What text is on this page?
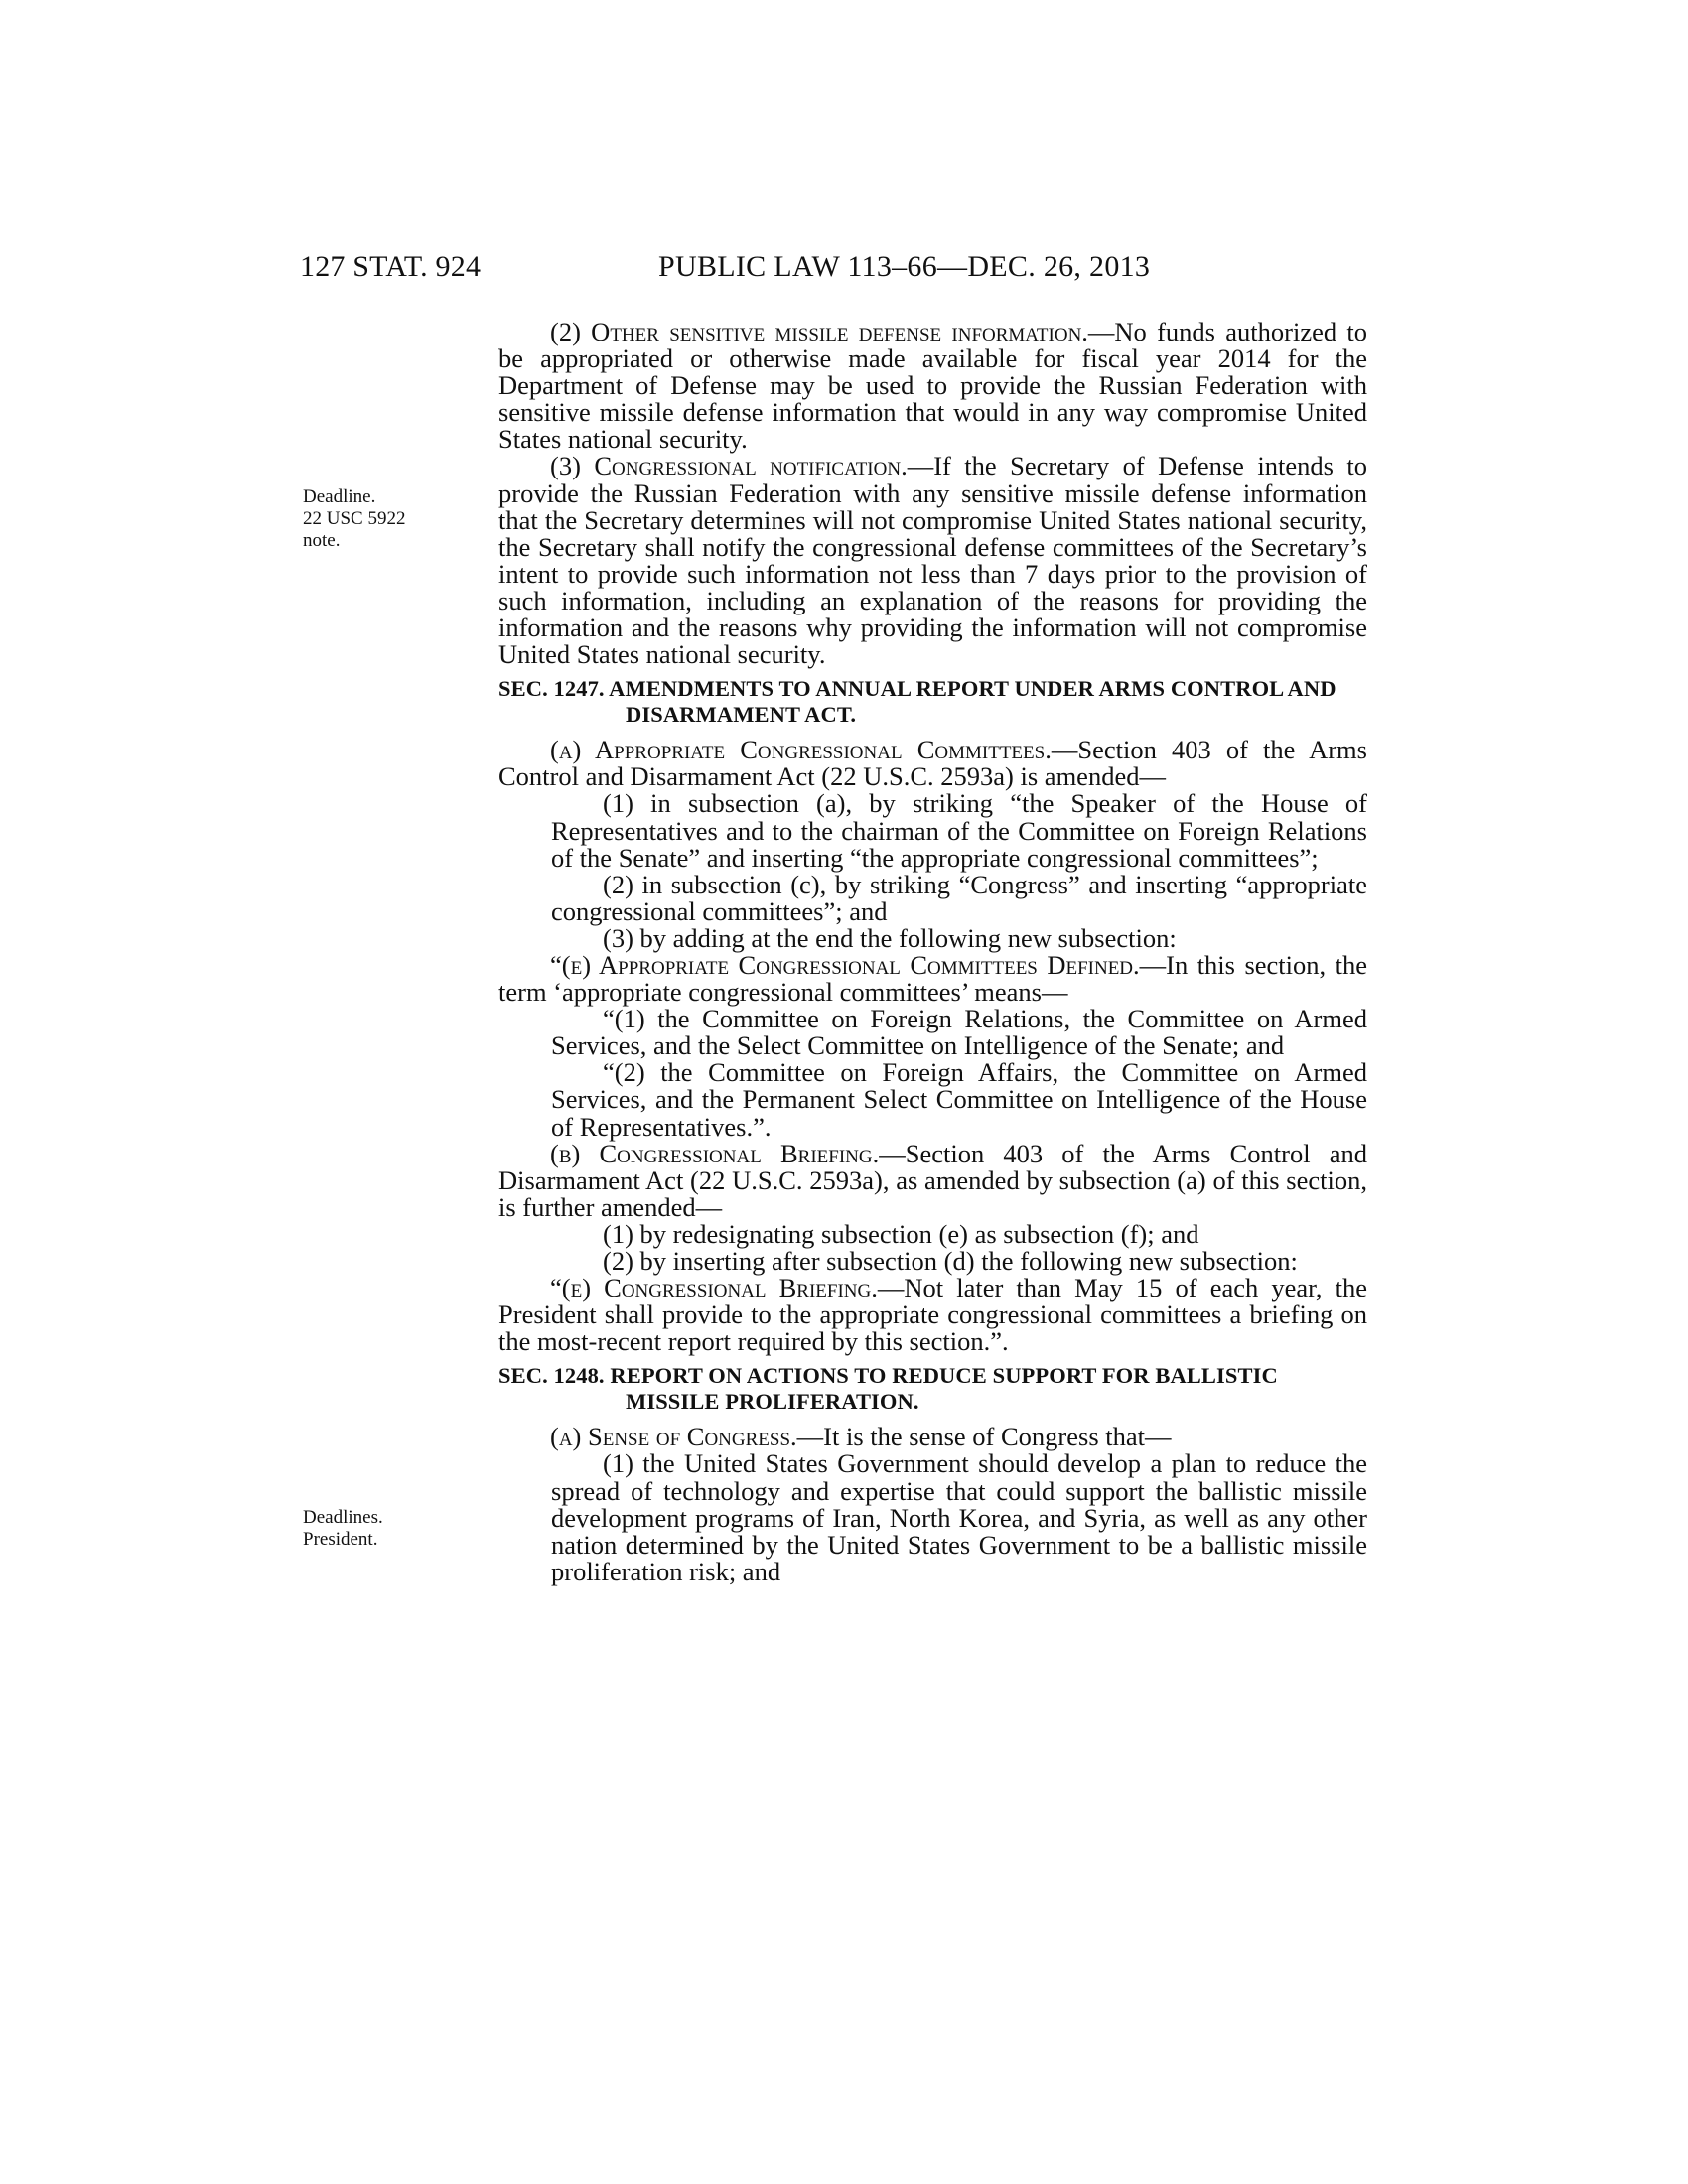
127 STAT. 924	PUBLIC LAW 113–66—DEC. 26, 2013
Deadline.
22 USC 5922
note.
Deadlines.
President.

(2) Other sensitive missile defense information.—No funds authorized to be appropriated or otherwise made available for fiscal year 2014 for the Department of Defense may be used to provide the Russian Federation with sensitive missile defense information that would in any way compromise United States national security.

(3) Congressional notification.—If the Secretary of Defense intends to provide the Russian Federation with any sensitive missile defense information that the Secretary determines will not compromise United States national security, the Secretary shall notify the congressional defense committees of the Secretary’s intent to provide such information not less than 7 days prior to the provision of such information, including an explanation of the reasons for providing the information and the reasons why providing the information will not compromise United States national security.

SEC. 1247. AMENDMENTS TO ANNUAL REPORT UNDER ARMS CONTROL AND DISARMAMENT ACT.

(a) Appropriate Congressional Committees.—Section 403 of the Arms Control and Disarmament Act (22 U.S.C. 2593a) is amended—

(1) in subsection (a), by striking “the Speaker of the House of Representatives and to the chairman of the Committee on Foreign Relations of the Senate” and inserting “the appropriate congressional committees”;

(2) in subsection (c), by striking “Congress” and inserting “appropriate congressional committees”; and

(3) by adding at the end the following new subsection:

“(e) Appropriate Congressional Committees Defined.—In this section, the term ‘appropriate congressional committees’ means—

“(1) the Committee on Foreign Relations, the Committee on Armed Services, and the Select Committee on Intelligence of the Senate; and

“(2) the Committee on Foreign Affairs, the Committee on Armed Services, and the Permanent Select Committee on Intelligence of the House of Representatives.”.

(b) Congressional Briefing.—Section 403 of the Arms Control and Disarmament Act (22 U.S.C. 2593a), as amended by subsection (a) of this section, is further amended—

(1) by redesignating subsection (e) as subsection (f); and

(2) by inserting after subsection (d) the following new subsection:

“(e) Congressional Briefing.—Not later than May 15 of each year, the President shall provide to the appropriate congressional committees a briefing on the most-recent report required by this section.”.

SEC. 1248. REPORT ON ACTIONS TO REDUCE SUPPORT FOR BALLISTIC MISSILE PROLIFERATION.

(a) Sense of Congress.—It is the sense of Congress that—

(1) the United States Government should develop a plan to reduce the spread of technology and expertise that could support the ballistic missile development programs of Iran, North Korea, and Syria, as well as any other nation determined by the United States Government to be a ballistic missile proliferation risk; and
